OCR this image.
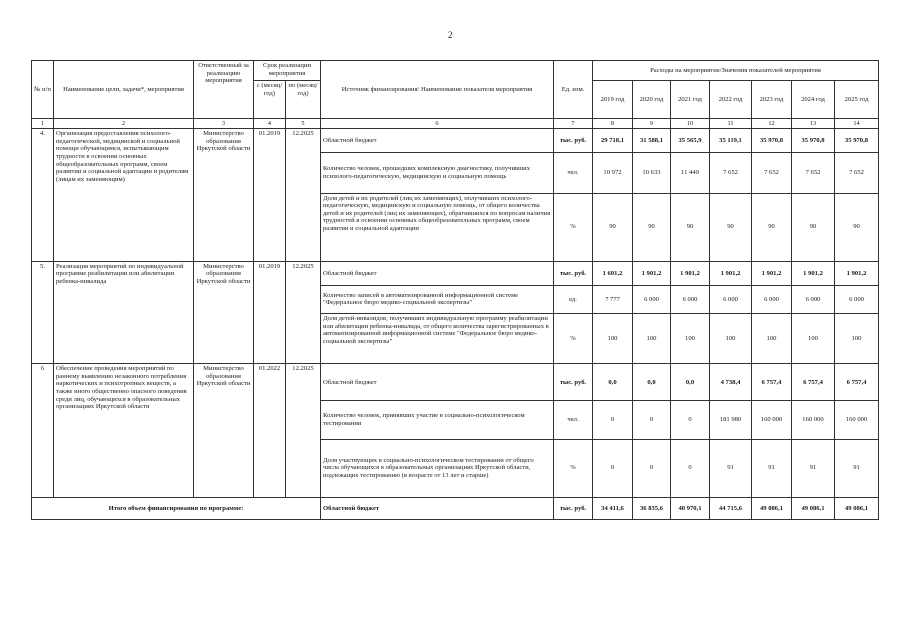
2
№ п/п	Наименование цели, задачи*, мероприятия	Ответственный за реализацию мероприятия	Срок реализации мероприятия		Источник финансирования/ Наименование показателя мероприятия	Ед. изм.	Расходы на мероприятие/Значения показателей мероприятия						
			с (месяц/год)	по (месяц/год)			2019 год	2020 год	2021 год	2022 год	2023 год	2024 год	2025 год
1	2	3	4	5	6	7	8	9	10	11	12	13	14
4.	Организация предоставления психолого-педагогической, медицинской и социальной помощи обучающимся, испытывающим трудности в освоении основных общеобразовательных программ, своем развитии и социальной адаптации и родителям (лицам их заменяющим)	Министерство образования Иркутской области	01.2019	12.2025	Областной бюджет	тыс. руб.	29 718,1	31 588,1	35 565,9	35 119,1	35 970,8	35 970,8	35 970,8
					Количество человек, прошедших комплексную диагностику, получивших психолого-педагогическую, медицинскую и социальную помощь	чел.	10 972	10 633	11 449	7 652	7 652	7 652	7 652
					Доля детей и их родителей (лиц их заменяющих), получивших психолого-педагогическую, медицинскую и социальную помощь, от общего количества детей и их родителей (лиц их заменяющих), обратившихся по вопросам наличия трудностей в освоении основных общеобразовательных программ, своем развитии и социальной адаптации	%	90	90	90	90	90	90	90
5.	Реализация мероприятий по индивидуальной программе реабилитации или абилитации ребенка-инвалида	Министерство образования Иркутской области	01.2019	12.2025	Областной бюджет	тыс. руб.	1 601,2	1 901,2	1 901,2	1 901,2	1 901,2	1 901,2	1 901,2
					Количество записей в автоматизированной информационной системе "Федеральное бюро медико-социальной экспертизы"	ед.	7 777	6 000	6 000	6 000	6 000	6 000	6 000
					Доля детей-инвалидов, получивших индивидуальную программу реабилитации или абилитации ребенка-инвалида, от общего количества зарегистрированных в автоматизированной информационной системе "Федеральное бюро медико-социальной экспертизы"	%	100	100	100	100	100	100	100
6	Обеспечение проведения мероприятий по раннему выявлению незаконного потребления наркотических и психотропных веществ, а также иного общественно опасного поведения среди лиц, обучающихся в образовательных организациях Иркутской области	Министерство образования Иркутской области	01.2022	12.2025	Областной бюджет	тыс. руб.	0,0	0,0	0,0	4 738,4	6 757,4	6 757,4	6 757,4
					Количество человек, принявших участие в социально-психологическом тестировании	чел.	0	0	0	181 980	160 000	160 000	160 000
					Доля участвующих в социально-психологическом тестировании от общего числа обучающихся в образовательных организациях Иркутской области, подлежащих тестированию (в возрасте от 13 лет и старше)	%	0	0	0	91	91	91	91
Итого объем финансирования по программе:					Областной бюджет	тыс. руб.	34 411,6	36 835,6	40 970,1	44 715,6	49 086,1	49 086,1	49 086,1
